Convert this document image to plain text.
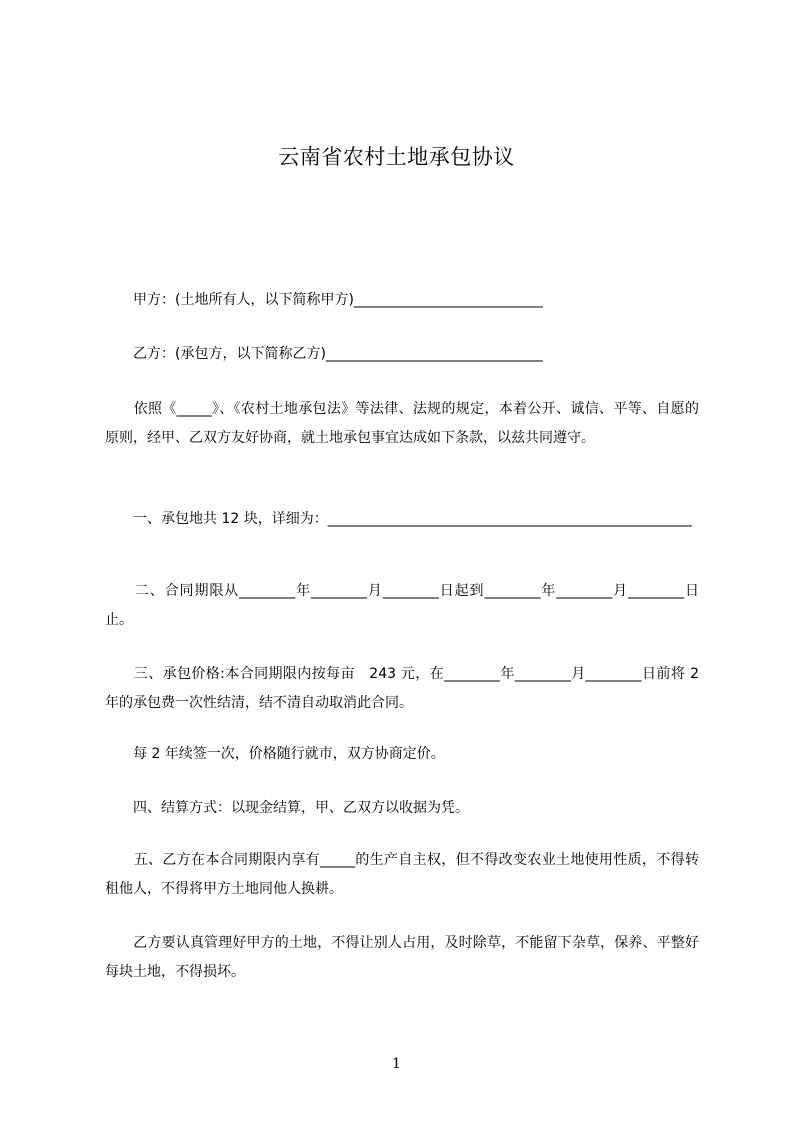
云南省农村土地承包协议

　　甲方：(土地所有人，以下简称甲方)___________________________

　　乙方：(承包方，以下简称乙方)_______________________________

　　依照《_____》、《农村土地承包法》等法律、法规的规定，本着公开、诚信、平等、自愿的原则，经甲、乙双方友好协商，就土地承包事宜达成如下条款，以兹共同遵守。

　　一、承包地共 12 块，详细为：____________________________________________________

　　二、合同期限从________年________月________日起到________年________月________日止。

　　三、承包价格:本合同期限内按每亩　243 元，在________年________月________日前将 2 年的承包费一次性结清，结不清自动取消此合同。

　　每 2 年续签一次，价格随行就市，双方协商定价。

　　四、结算方式：以现金结算，甲、乙双方以收据为凭。

　　五、乙方在本合同期限内享有_____的生产自主权，但不得改变农业土地使用性质，不得转租他人，不得将甲方土地同他人换耕。

　　乙方要认真管理好甲方的土地，不得让别人占用，及时除草，不能留下杂草，保养、平整好每块土地，不得损坏。

1
